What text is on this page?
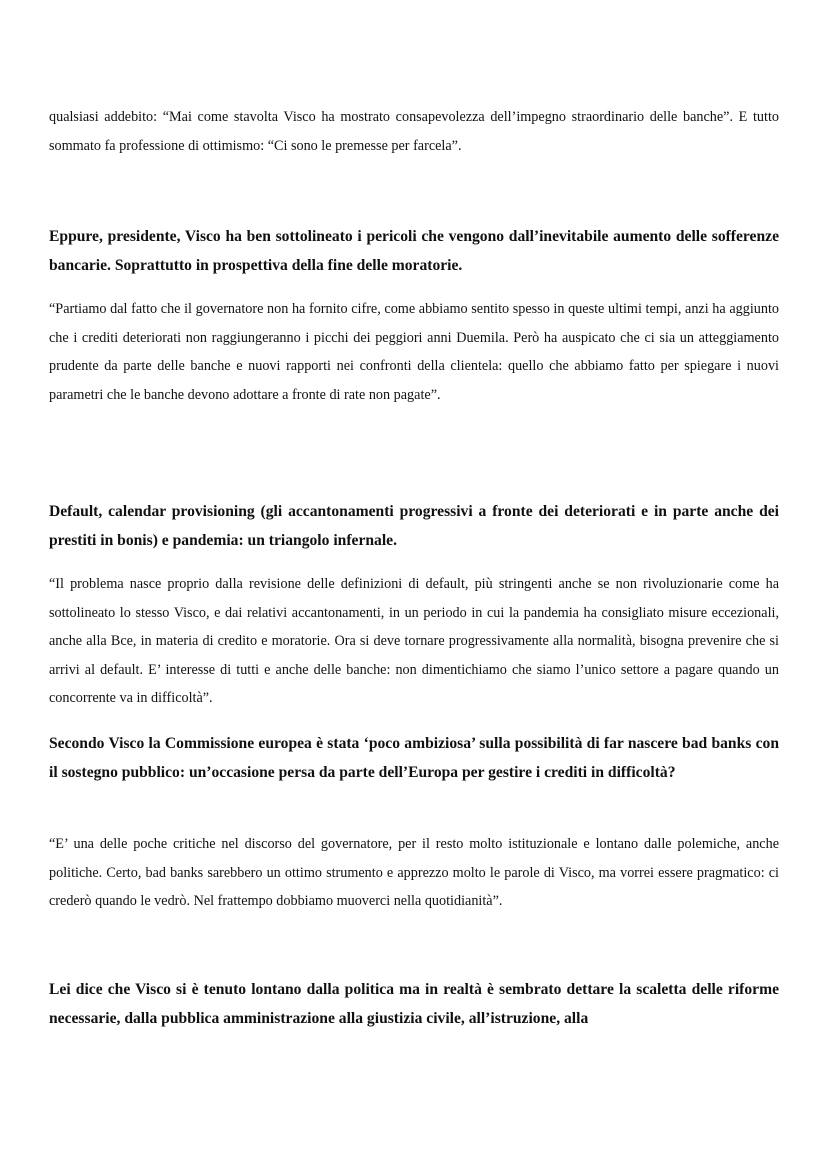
qualsiasi addebito: “Mai come stavolta Visco ha mostrato consapevolezza dell’impegno straordinario delle banche”. E tutto sommato fa professione di ottimismo: “Ci sono le premesse per farcela”.

Eppure, presidente, Visco ha ben sottolineato i pericoli che vengono dall’inevitabile aumento delle sofferenze bancarie. Soprattutto in prospettiva della fine delle moratorie.

“Partiamo dal fatto che il governatore non ha fornito cifre, come abbiamo sentito spesso in queste ultimi tempi, anzi ha aggiunto che i crediti deteriorati non raggiungeranno i picchi dei peggiori anni Duemila. Però ha auspicato che ci sia un atteggiamento prudente da parte delle banche e nuovi rapporti nei confronti della clientela: quello che abbiamo fatto per spiegare i nuovi parametri che le banche devono adottare a fronte di rate non pagate”.

Default, calendar provisioning (gli accantonamenti progressivi a fronte dei deteriorati e in parte anche dei prestiti in bonis) e pandemia: un triangolo infernale.

“Il problema nasce proprio dalla revisione delle definizioni di default, più stringenti anche se non rivoluzionarie come ha sottolineato lo stesso Visco, e dai relativi accantonamenti, in un periodo in cui la pandemia ha consigliato misure eccezionali, anche alla Bce, in materia di credito e moratorie. Ora si deve tornare progressivamente alla normalità, bisogna prevenire che si arrivi al default. E’ interesse di tutti e anche delle banche: non dimentichiamo che siamo l’unico settore a pagare quando un concorrente va in difficoltà”.

Secondo Visco la Commissione europea è stata ‘poco ambiziosa’ sulla possibilità di far nascere bad banks con il sostegno pubblico: un’occasione persa da parte dell’Europa per gestire i crediti in difficoltà?

“E’ una delle poche critiche nel discorso del governatore, per il resto molto istituzionale e lontano dalle polemiche, anche politiche. Certo, bad banks sarebbero un ottimo strumento e apprezzo molto le parole di Visco, ma vorrei essere pragmatico: ci crederò quando le vedrò. Nel frattempo dobbiamo muoverci nella quotidianità”.

Lei dice che Visco si è tenuto lontano dalla politica ma in realtà è sembrato dettare la scaletta delle riforme necessarie, dalla pubblica amministrazione alla giustizia civile, all’istruzione, alla
